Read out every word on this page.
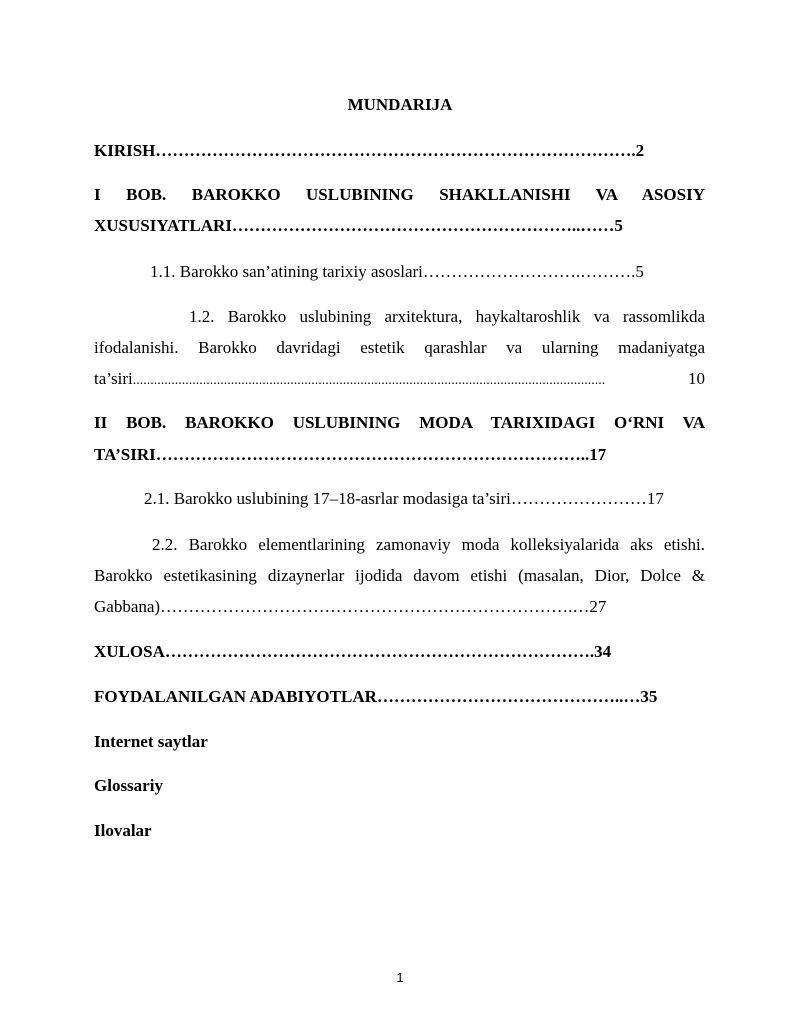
MUNDARIJA
KIRISH………………………………………………………………………….2
I BOB. BAROKKO USLUBINING SHAKLLANISHI VA ASOSIY
XUSUSIYATLARI……………………………………………………..……5
1.1. Barokko san’atining tarixiy asoslari……………………….……….5
1.2. Barokko uslubining arxitektura, haykaltaroshlik va rassomlikda
ifodalanishi. Barokko davridagi estetik qarashlar va ularning madaniyatga
ta’siri.......................................................................................................................................	10
II BOB. BAROKKO USLUBINING MODA TARIXIDAGI O‘RNI VA
TA’SIRI…………………………………………………………………..17
2.1. Barokko uslubining 17–18-asrlar modasiga ta’siri……………………17
2.2. Barokko elementlarining zamonaviy moda kolleksiyalarida aks etishi.
Barokko estetikasining dizaynerlar ijodida davom etishi (masalan, Dior, Dolce &
Gabbana)……………………………………………………………….…27
XULOSA………………………………………………………………….34
FOYDALANILGAN ADABIYOTLAR……………………………………..…35
Internet saytlar
Glossariy
Ilovalar
1
